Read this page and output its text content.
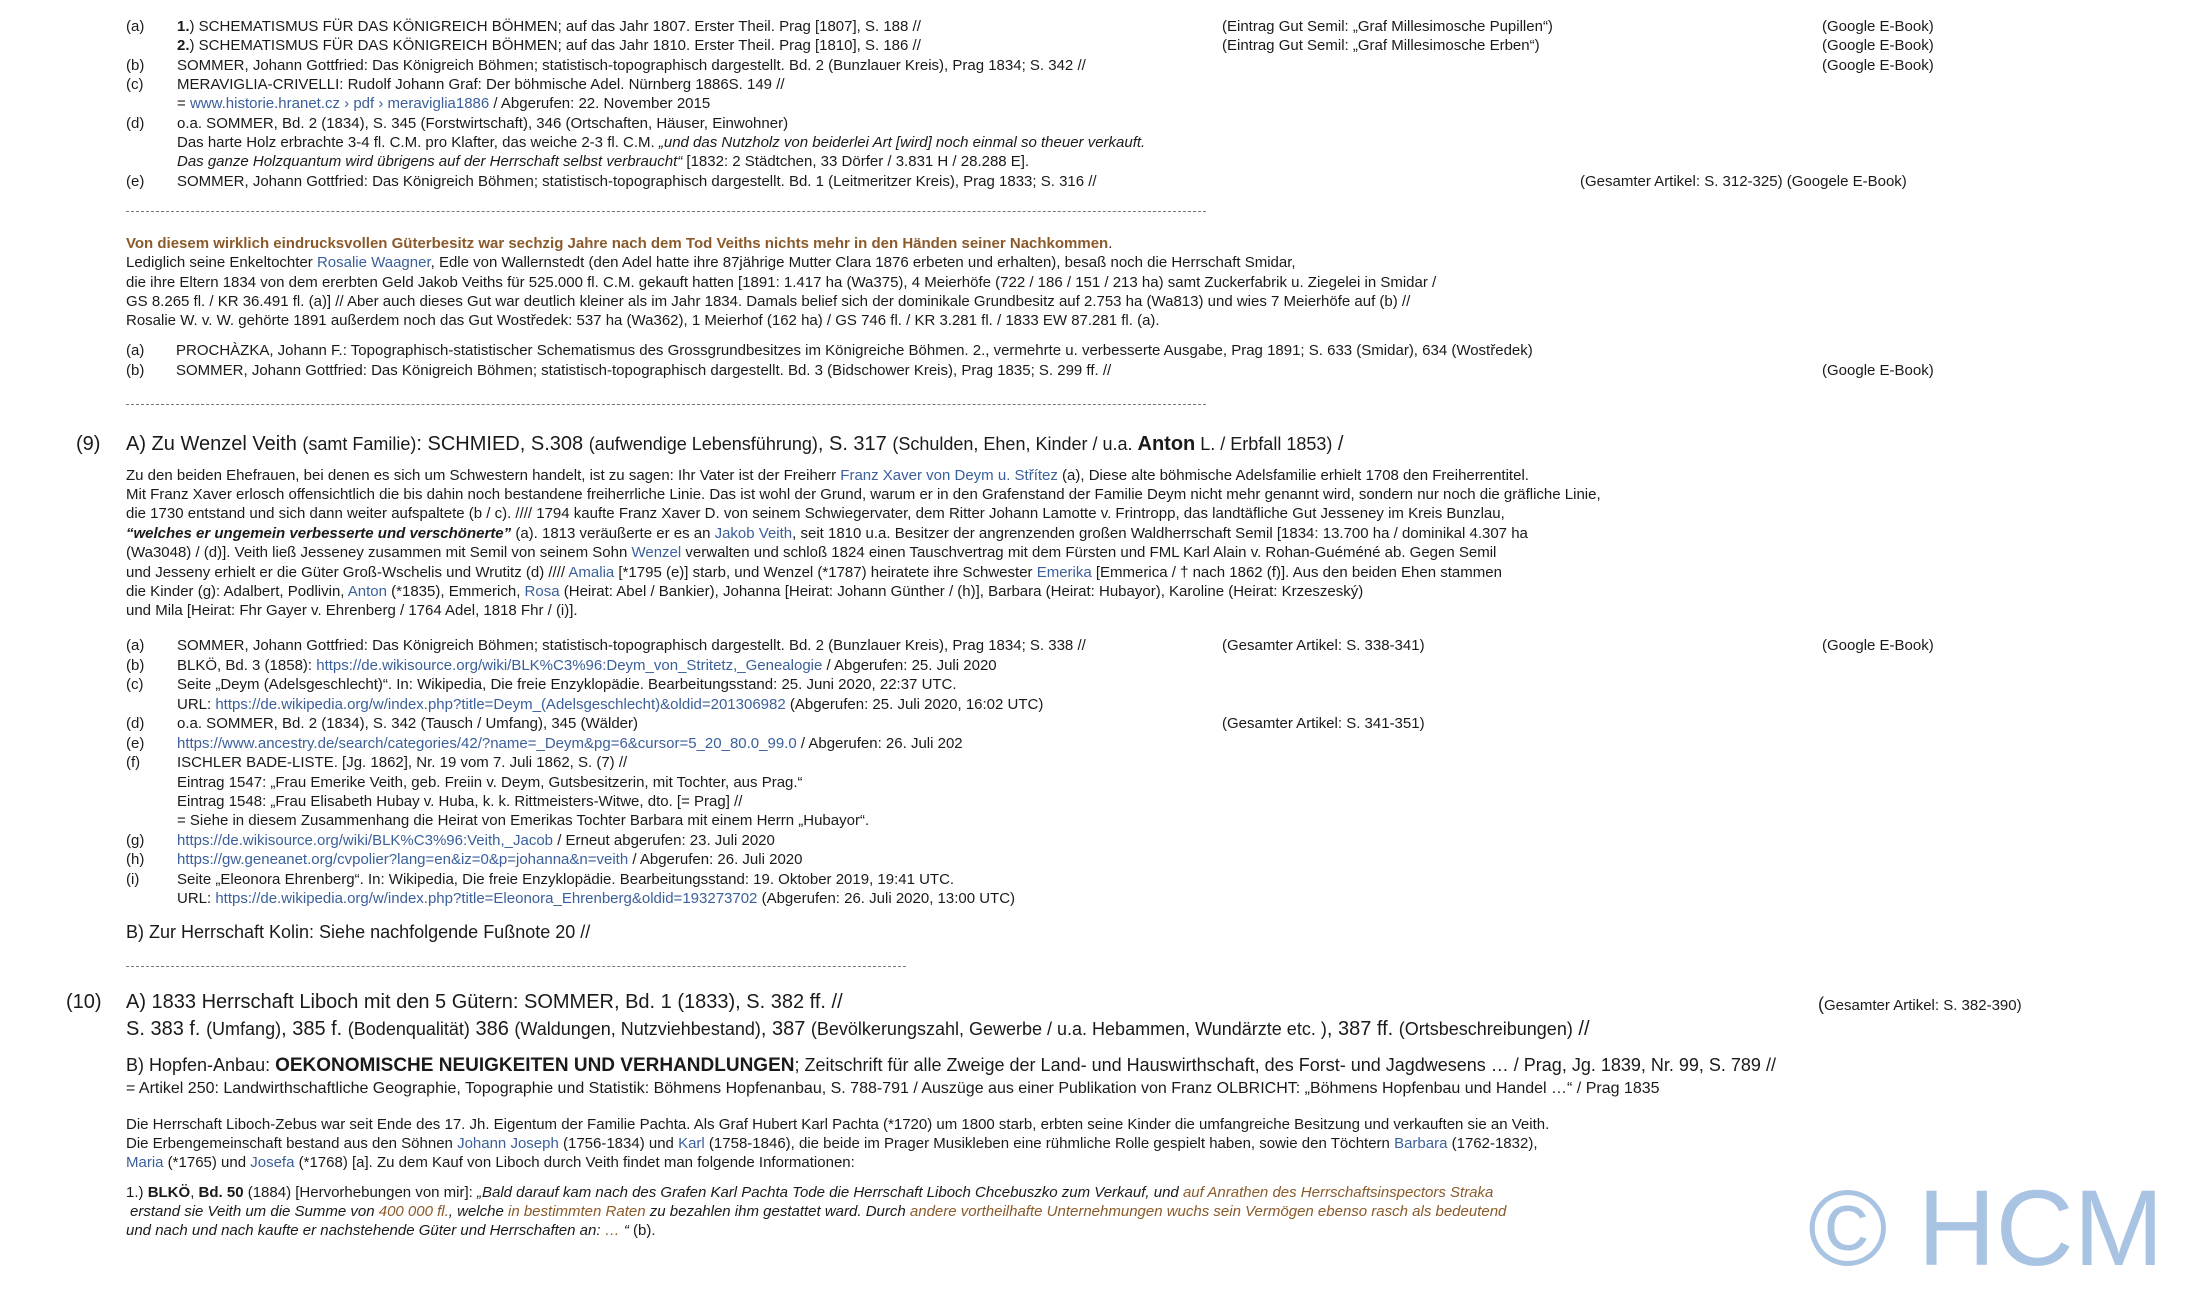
(a) 1.) SCHEMATISMUS FÜR DAS KÖNIGREICH BÖHMEN; auf das Jahr 1807. Erster Theil. Prag [1807], S. 188 //	(Eintrag Gut Semil: „Graf Millesimosche Pupillen“)	(Google E-Book)
2.) SCHEMATISMUS FÜR DAS KÖNIGREICH BÖHMEN; auf das Jahr 1810. Erster Theil. Prag [1810], S. 186 //	(Eintrag Gut Semil: „Graf Millesimosche Erben“)	(Google E-Book)
(b) SOMMER, Johann Gottfried: Das Königreich Böhmen; statistisch-topographisch dargestellt. Bd. 2 (Bunzlauer Kreis), Prag 1834; S. 342 //	(Google E-Book)
(c) MERAVIGLIA-CRIVELLI: Rudolf Johann Graf: Der böhmische Adel. Nürnberg 1886S. 149 //
= www.historie.hranet.cz › pdf › meraviglia1886 / Abgerufen: 22. November 2015
(d) o.a. SOMMER, Bd. 2 (1834), S. 345 (Forstwirtschaft), 346 (Ortschaften, Häuser, Einwohner)
Das harte Holz erbrachte 3-4 fl. C.M. pro Klafter, das weiche 2-3 fl. C.M. „und das Nutzholz von beiderlei Art [wird] noch einmal so theuer verkauft.
Das ganze Holzquantum wird übrigens auf der Herrschaft selbst verbraucht“ [1832: 2 Städtchen, 33 Dörfer / 3.831 H / 28.288 E].
(e) SOMMER, Johann Gottfried: Das Königreich Böhmen; statistisch-topographisch dargestellt. Bd. 1 (Leitmeritzer Kreis), Prag 1833; S. 316 //	(Gesamter Artikel: S. 312-325) (Googele E-Book)
Von diesem wirklich eindrucksvollen Güterbesitz war sechzig Jahre nach dem Tod Veiths nichts mehr in den Händen seiner Nachkommen.
Lediglich seine Enkeltochter Rosalie Waagner, Edle von Wallernstedt (den Adel hatte ihre 87jährige Mutter Clara 1876 erbeten und erhalten), besaß noch die Herrschaft Smidar,
die ihre Eltern 1834 von dem ererbten Geld Jakob Veiths für 525.000 fl. C.M. gekauft hatten [1891: 1.417 ha (Wa375), 4 Meierhöfe (722 / 186 / 151 / 213 ha) samt Zuckerfabrik u. Ziegelei in Smidar /
GS 8.265 fl. / KR 36.491 fl. (a)] // Aber auch dieses Gut war deutlich kleiner als im Jahr 1834. Damals belief sich der dominikale Grundbesitz auf 2.753 ha (Wa813) und wies 7 Meierhöfe auf (b) //
Rosalie W. v. W. gehörte 1891 außerdem noch das Gut Wostředek: 537 ha (Wa362), 1 Meierhof (162 ha) / GS 746 fl. / KR 3.281 fl. / 1833 EW 87.281 fl. (a).
(a) PROCHÀZKA, Johann F.: Topographisch-statistischer Schematismus des Grossgrundbesitzes im Königreiche Böhmen. 2., vermehrte u. verbesserte Ausgabe, Prag 1891; S. 633 (Smidar), 634 (Wostředek)
(b) SOMMER, Johann Gottfried: Das Königreich Böhmen; statistisch-topographisch dargestellt. Bd. 3 (Bidschower Kreis), Prag 1835; S. 299 ff. //	(Google E-Book)
(9) A) Zu Wenzel Veith (samt Familie): SCHMIED, S.308 (aufwendige Lebensführung), S. 317 (Schulden, Ehen, Kinder / u.a. Anton L. / Erbfall 1853) /
Zu den beiden Ehefrauen, bei denen es sich um Schwestern handelt, ist zu sagen: Ihr Vater ist der Freiherr Franz Xaver von Deym u. Střítez (a), Diese alte böhmische Adelsfamilie erhielt 1708 den Freiherrentitel.
Mit Franz Xaver erlosch offensichtlich die bis dahin noch bestandene freiherrliche Linie. Das ist wohl der Grund, warum er in den Grafenstand der Familie Deym nicht mehr genannt wird, sondern nur noch die gräfliche Linie,
die 1730 entstand und sich dann weiter aufspaltete (b / c). //// 1794 kaufte Franz Xaver D. von seinem Schwiegervater, dem Ritter Johann Lamotte v. Frintropp, das landtäfliche Gut Jesseney im Kreis Bunzlau,
“welches er ungemein verbesserte und verschönerte” (a). 1813 veräußerte er es an Jakob Veith, seit 1810 u.a. Besitzer der angrenzenden großen Waldherrschaft Semil [1834: 13.700 ha / dominikal 4.307 ha
(Wa3048) / (d)]. Veith ließ Jesseney zusammen mit Semil von seinem Sohn Wenzel verwalten und schloß 1824 einen Tauschvertrag mit dem Fürsten und FML Karl Alain v. Rohan-Guéméné ab. Gegen Semil
und Jesseny erhielt er die Güter Groß-Wschelis und Wrutitz (d) //// Amalia [*1795 (e)] starb, und Wenzel (*1787) heiratete ihre Schwester Emerika [Emmerica / † nach 1862 (f)]. Aus den beiden Ehen stammen
die Kinder (g): Adalbert, Podlivin, Anton (*1835), Emmerich, Rosa (Heirat: Abel / Bankier), Johanna [Heirat: Johann Günther / (h)], Barbara (Heirat: Hubayor), Karoline (Heirat: Krzeszeský)
und Mila [Heirat: Fhr Gayer v. Ehrenberg / 1764 Adel, 1818 Fhr / (i)].
(a) SOMMER, Johann Gottfried: Das Königreich Böhmen; statistisch-topographisch dargestellt. Bd. 2 (Bunzlauer Kreis), Prag 1834; S. 338 //	(Gesamter Artikel: S. 338-341)	(Google E-Book)
(b) BLKÖ, Bd. 3 (1858): https://de.wikisource.org/wiki/BLK%C3%96:Deym_von_Stritetz,_Genealogie / Abgerufen: 25. Juli 2020
(c) Seite „Deym (Adelsgeschlecht)“. In: Wikipedia, Die freie Enzyklopädie. Bearbeitungsstand: 25. Juni 2020, 22:37 UTC.
URL: https://de.wikipedia.org/w/index.php?title=Deym_(Adelsgeschlecht)&oldid=201306982 (Abgerufen: 25. Juli 2020, 16:02 UTC)
(d) o.a. SOMMER, Bd. 2 (1834), S. 342 (Tausch / Umfang), 345 (Wälder)	(Gesamter Artikel: S. 341-351)
(e) https://www.ancestry.de/search/categories/42/?name=_Deym&pg=6&cursor=5_20_80.0_99.0 / Abgerufen: 26. Juli 202
(f) ISCHLER BADE-LISTE. [Jg. 1862], Nr. 19 vom 7. Juli 1862, S. (7) //
Eintrag 1547: „Frau Emerike Veith, geb. Freiin v. Deym, Gutsbesitzerin, mit Tochter, aus Prag.“
Eintrag 1548: „Frau Elisabeth Hubay v. Huba, k. k. Rittmeisters-Witwe, dto. [= Prag] //
= Siehe in diesem Zusammenhang die Heirat von Emerikas Tochter Barbara mit einem Herrn „Hubayor“.
(g) https://de.wikisource.org/wiki/BLK%C3%96:Veith,_Jacob / Erneut abgerufen: 23. Juli 2020
(h) https://gw.geneanet.org/cvpolier?lang=en&iz=0&p=johanna&n=veith / Abgerufen: 26. Juli 2020
(i)	Seite „Eleonora Ehrenberg“. In: Wikipedia, Die freie Enzyklopädie. Bearbeitungsstand: 19. Oktober 2019, 19:41 UTC.
URL: https://de.wikipedia.org/w/index.php?title=Eleonora_Ehrenberg&oldid=193273702 (Abgerufen: 26. Juli 2020, 13:00 UTC)
B) Zur Herrschaft Kolin: Siehe nachfolgende Fußnote 20 //
(10) A) 1833 Herrschaft Liboch mit den 5 Gütern: SOMMER, Bd. 1 (1833), S. 382 ff. //	(Gesamter Artikel: S. 382-390)
S. 383 f. (Umfang), 385 f. (Bodenqualität) 386 (Waldungen, Nutzviehbestand), 387 (Bevölkerungszahl, Gewerbe / u.a. Hebammen, Wundärzte etc. ), 387 ff. (Ortsbeschreibungen) //
B) Hopfen-Anbau: OEKONOMISCHE NEUIGKEITEN UND VERHANDLUNGEN; Zeitschrift für alle Zweige der Land- und Hauswirthschaft, des Forst- und Jagdwesens … / Prag, Jg. 1839, Nr. 99, S. 789 //
= Artikel 250: Landwirthschaftliche Geographie, Topographie und Statistik: Böhmens Hopfenanbau, S. 788-791 / Auszüge aus einer Publikation von Franz OLBRICHT: „Böhmens Hopfenbau und Handel …“ / Prag 1835
Die Herrschaft Liboch-Zebus war seit Ende des 17. Jh. Eigentum der Familie Pachta. Als Graf Hubert Karl Pachta (*1720) um 1800 starb, erbten seine Kinder die umfangreiche Besitzung und verkauften sie an Veith.
Die Erbengemeinschaft bestand aus den Söhnen Johann Joseph (1756-1834) und Karl (1758-1846), die beide im Prager Musikleben eine rühmliche Rolle gespielt haben, sowie den Töchtern Barbara (1762-1832),
Maria (*1765) und Josefa (*1768) [a]. Zu dem Kauf von Liboch durch Veith findet man folgende Informationen:
1.) BLKÖ, Bd. 50 (1884) [Hervorhebungen von mir]: „Bald darauf kam nach des Grafen Karl Pachta Tode die Herrschaft Liboch Chcebuszko zum Verkauf, und auf Anrathen des Herrschaftsinspectors Straka
erstand sie Veith um die Summe von 400 000 fl., welche in bestimmten Raten zu bezahlen ihm gestattet ward. Durch andere vortheilhafte Unternehmungen wuchs sein Vermögen ebenso rasch als bedeutend
und nach und nach kaufte er nachstehende Güter und Herrschaften an: … “ (b).	© HCM
